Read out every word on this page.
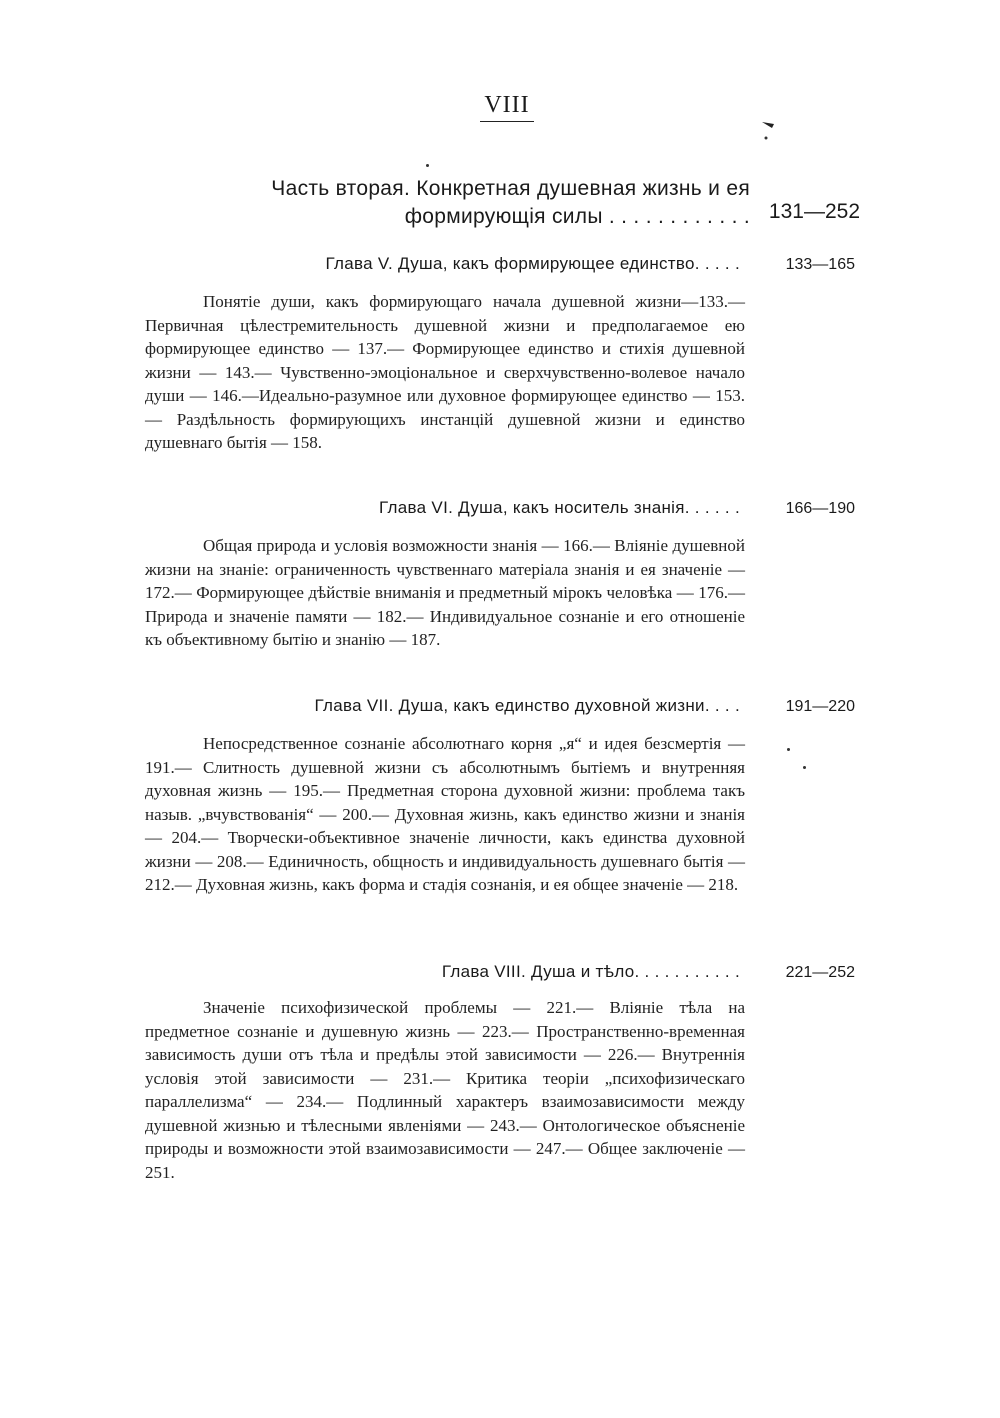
VIII
Часть вторая. Конкретная душевная жизнь и ея формирующія силы . . . . . . . . . . . . 131—252
Глава V. Душа, какъ формирующее единство. . . . .	133—165
Понятіе души, какъ формирующаго начала душевной жизни—133.— Первичная цѣлестремительность душевной жизни и предполагаемое ею формирующее единство — 137.— Формирующее единство и стихія душевной жизни — 143.— Чувственно-эмоціональное и сверхчувственно-волевое начало души — 146.—Идеально-разумное или духовное формирующее единство — 153.— Раздѣльность формирующихъ инстанцій душевной жизни и единство душевнаго бытія — 158.
Глава VI. Душа, какъ носитель знанія. . . . . .	166—190
Общая природа и условія возможности знанія — 166.— Вліяніе душевной жизни на знаніе: ограниченность чувственнаго матеріала знанія и ея значеніе — 172.— Формирующее дѣйствіе вниманія и предметный мірокъ человѣка — 176.— Природа и значеніе памяти — 182.— Индивидуальное сознаніе и его отношеніе къ объективному бытію и знанію — 187.
Глава VII. Душа, какъ единство духовной жизни. . . .	191—220
Непосредственное сознаніе абсолютнаго корня „я“ и идея безсмертія — 191.— Слитность душевной жизни съ абсолютнымъ бытіемъ и внутренняя духовная жизнь — 195.— Предметная сторона духовной жизни: проблема такъ назыв. „вчувствованія“ — 200.— Духовная жизнь, какъ единство жизни и знанія — 204.— Творчески-объективное значеніе личности, какъ единства духовной жизни — 208.— Единичность, общность и индивидуальность душевнаго бытія — 212.— Духовная жизнь, какъ форма и стадія сознанія, и ея общее значеніе — 218.
Глава VIII. Душа и тѣло. . . . . . . . . . .	221—252
Значеніе психофизической проблемы — 221.— Вліяніе тѣла на предметное сознаніе и душевную жизнь — 223.— Пространственно-временная зависимость души отъ тѣла и предѣлы этой зависимости — 226.— Внутреннія условія этой зависимости — 231.— Критика теоріи „психофизическаго параллелизма“ — 234.— Подлинный характеръ взаимозависимости между душевной жизнью и тѣлесными явленіями — 243.— Онтологическое объясненіе природы и возможности этой взаимозависимости — 247.— Общее заключеніе — 251.
